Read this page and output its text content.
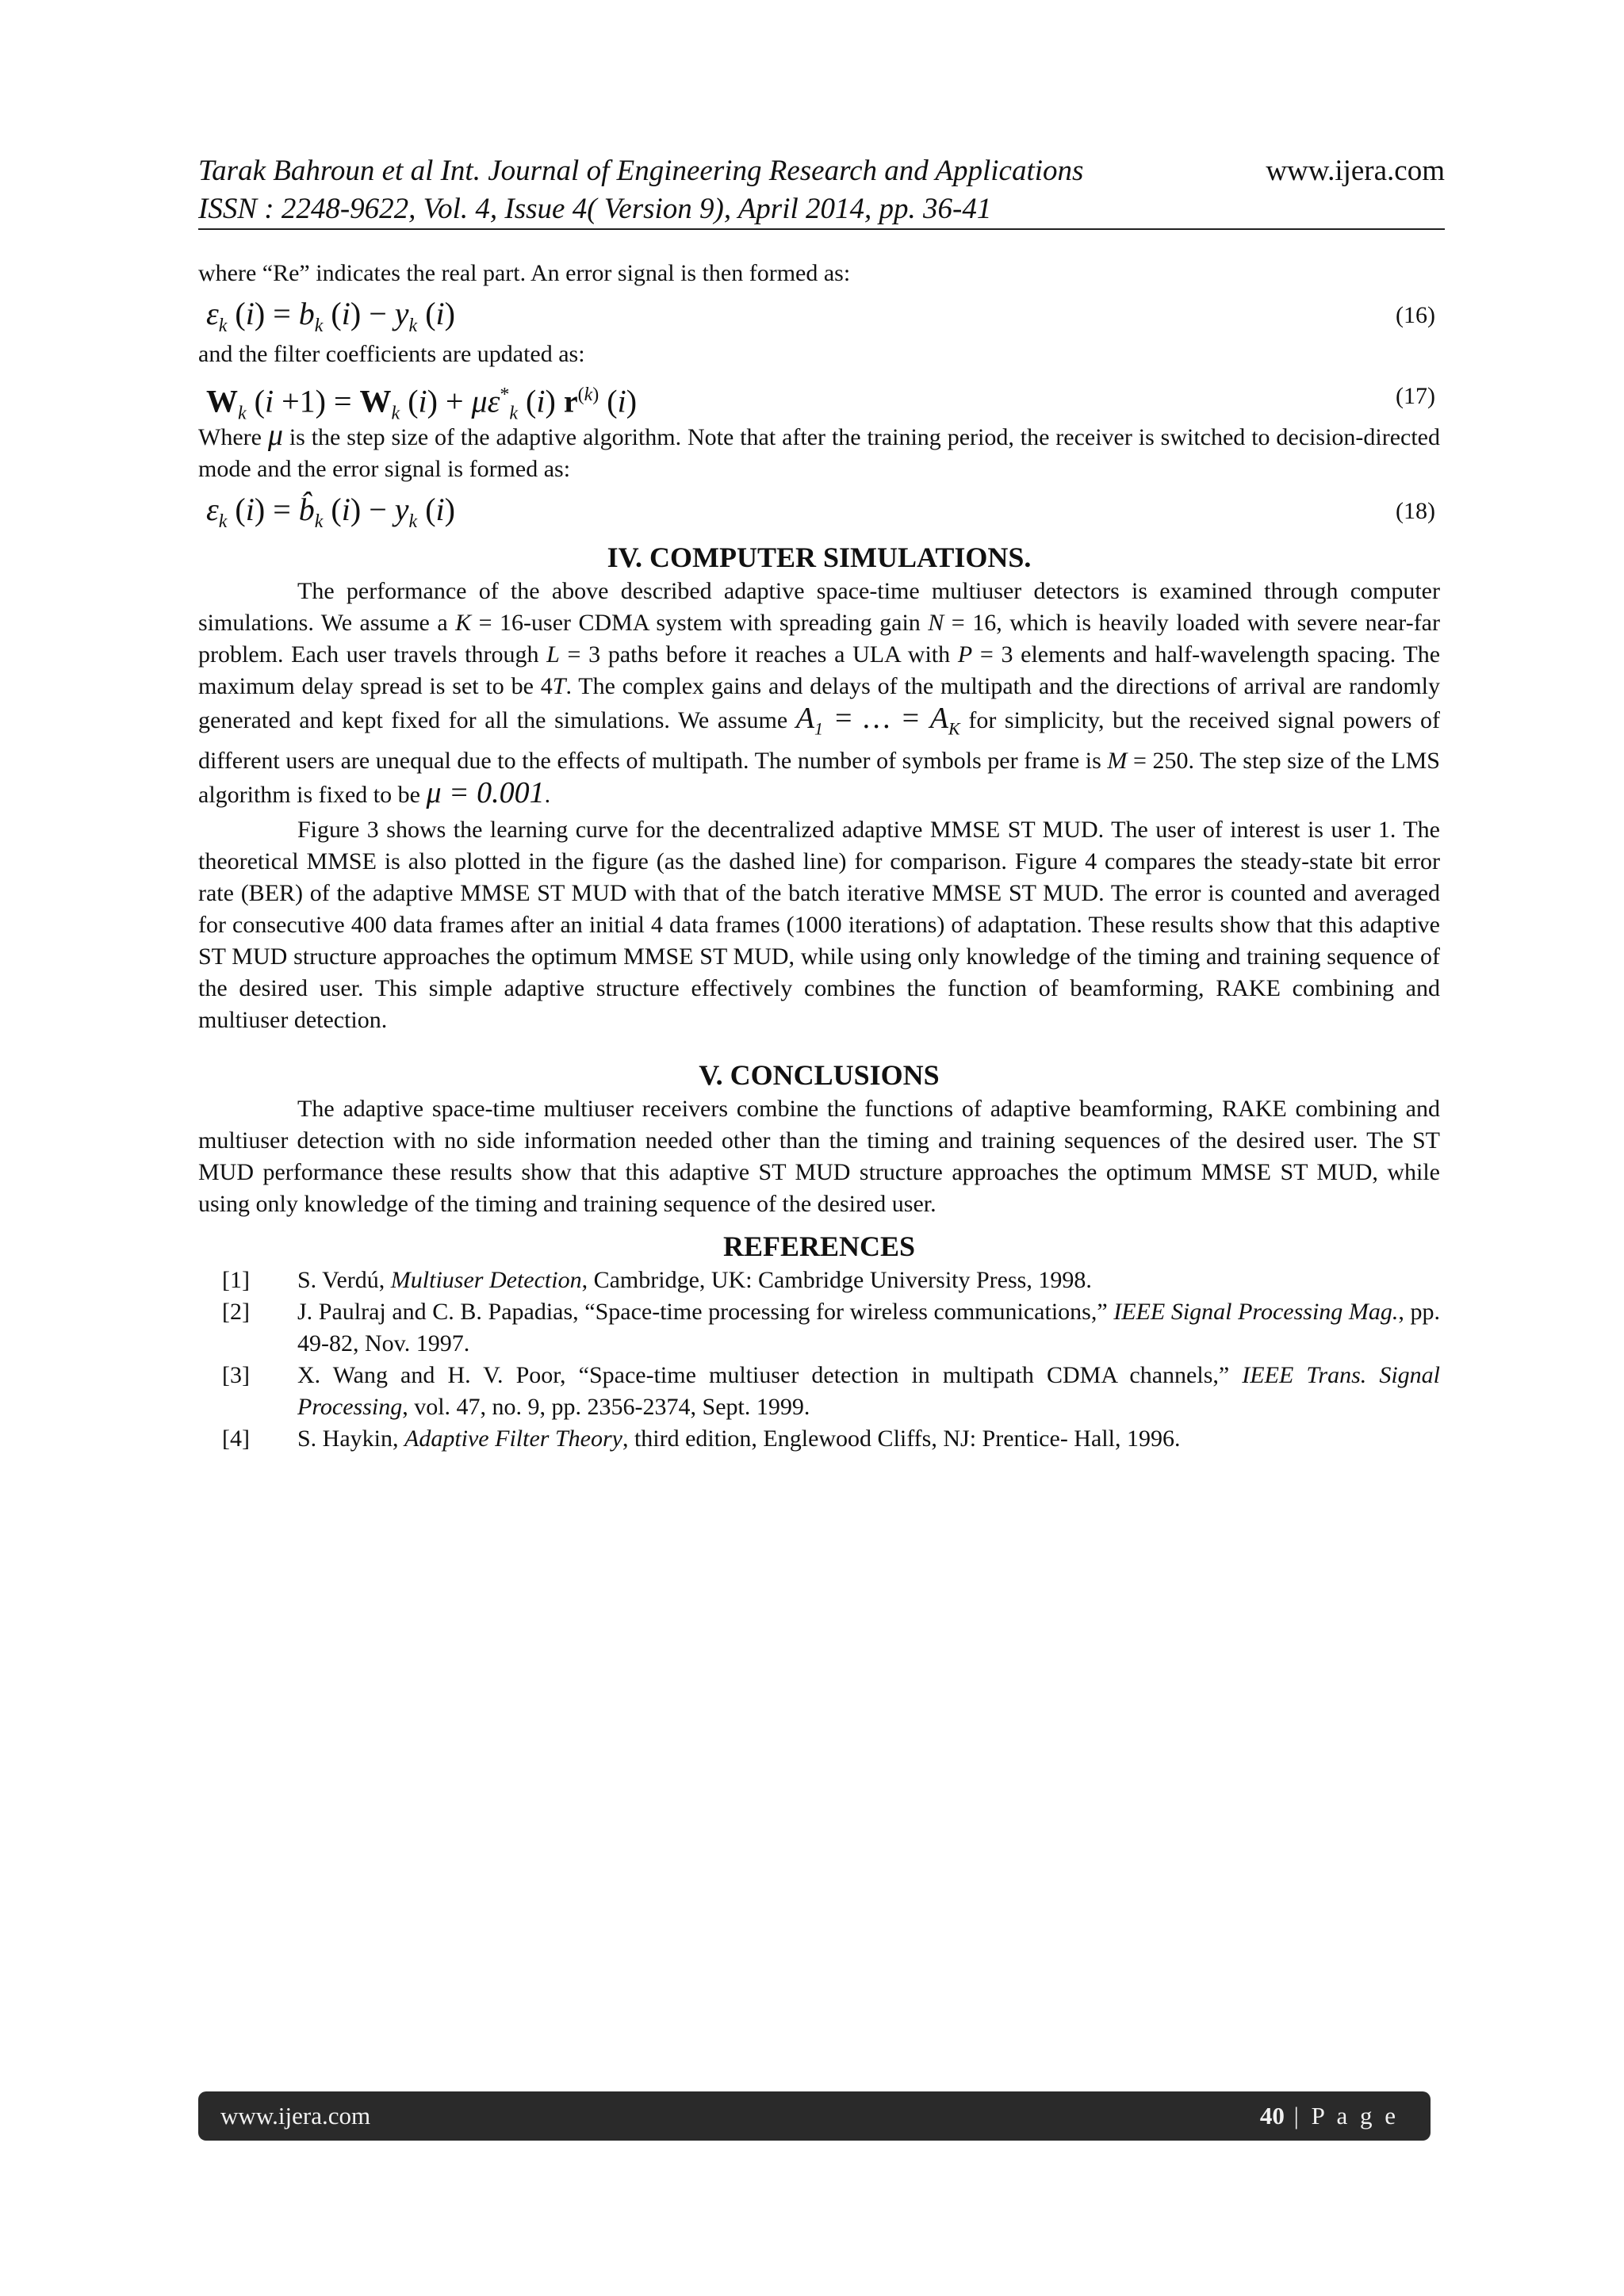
Tarak Bahroun et al Int. Journal of Engineering Research and Applications
ISSN : 2248-9622, Vol. 4, Issue 4( Version 9), April 2014, pp. 36-41
www.ijera.com

where “Re” indicates the real part. An error signal is then formed as:

$\varepsilon_k$ $(i) = b_k$ $(i) - y_k$ (i)	(16)

and the filter coefficients are updated as:

$W_k$ $(i +1) = W_k$ $(i) + \mu\varepsilon^*_k$ (i) $r^{(k)}$ (i)	(17)

Where μ is the step size of the adaptive algorithm. Note that after the training period, the receiver is switched to decision-directed mode and the error signal is formed as:

$\varepsilon_k$ $(i) = b̂_k$ $(i) - y_k$ (i)	(18)
IV. COMPUTER SIMULATIONS.

The performance of the above described adaptive space-time multiuser detectors is examined through computer simulations. We assume a K = 16-user CDMA system with spreading gain N = 16, which is heavily loaded with severe near-far problem. Each user travels through L = 3 paths before it reaches a ULA with P = 3 elements and half-wavelength spacing. The maximum delay spread is set to be 4T. The complex gains and delays of the multipath and the directions of arrival are randomly generated and kept fixed for all the simulations. We assume $A_1$ = … = $A_K$ for simplicity, but the received signal powers of different users are unequal due to the effects of multipath. The number of symbols per frame is M = 250. The step size of the LMS algorithm is fixed to be μ = 0.001.

Figure 3 shows the learning curve for the decentralized adaptive MMSE ST MUD. The user of interest is user 1. The theoretical MMSE is also plotted in the figure (as the dashed line) for comparison. Figure 4 compares the steady-state bit error rate (BER) of the adaptive MMSE ST MUD with that of the batch iterative MMSE ST MUD. The error is counted and averaged for consecutive 400 data frames after an initial 4 data frames (1000 iterations) of adaptation. These results show that this adaptive ST MUD structure approaches the optimum MMSE ST MUD, while using only knowledge of the timing and training sequence of the desired user. This simple adaptive structure effectively combines the function of beamforming, RAKE combining and multiuser detection.

V. CONCLUSIONS

The adaptive space-time multiuser receivers combine the functions of adaptive beamforming, RAKE combining and multiuser detection with no side information needed other than the timing and training sequences of the desired user. The ST MUD performance these results show that this adaptive ST MUD structure approaches the optimum MMSE ST MUD, while using only knowledge of the timing and training sequence of the desired user.

REFERENCES
[1] S. Verdú, Multiuser Detection, Cambridge, UK: Cambridge University Press, 1998.
[2] J. Paulraj and C. B. Papadias, “Space-time processing for wireless communications,” IEEE Signal Processing Mag., pp. 49-82, Nov. 1997.
[3] X. Wang and H. V. Poor, “Space-time multiuser detection in multipath CDMA channels,” IEEE Trans. Signal Processing, vol. 47, no. 9, pp. 2356-2374, Sept. 1999.
[4] S. Haykin, Adaptive Filter Theory, third edition, Englewood Cliffs, NJ: Prentice- Hall, 1996.
www.ijera.com	40 | P a g e
